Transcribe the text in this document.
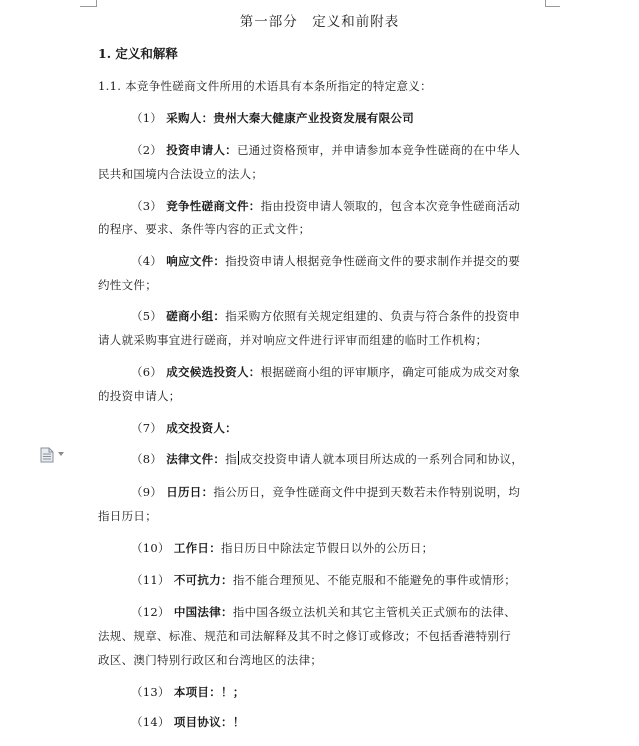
第一部分　定义和前附表
1. 定义和解释
1.1. 本竞争性磋商文件所用的术语具有本条所指定的特定意义：
（1） 采购人：贵州大秦大健康产业投资发展有限公司
（2） 投资申请人：已通过资格预审，并申请参加本竞争性磋商的在中华人
民共和国境内合法设立的法人；
（3） 竞争性磋商文件：指由投资申请人领取的，包含本次竞争性磋商活动
的程序、要求、条件等内容的正式文件；
（4） 响应文件：指投资申请人根据竞争性磋商文件的要求制作并提交的要
约性文件；
（5） 磋商小组：指采购方依照有关规定组建的、负责与符合条件的投资申
请人就采购事宜进行磋商，并对响应文件进行评审而组建的临时工作机构；
（6） 成交候选投资人：根据磋商小组的评审顺序，确定可能成为成交对象
的投资申请人；
（7） 成交投资人：
（8） 法律文件：指 成交投资申请人就本项目所达成的一系列合同和协议，
（9） 日历日：指公历日，竞争性磋商文件中提到天数若未作特别说明，均
指日历日；
（10） 工作日：指日历日中除法定节假日以外的公历日；
（11） 不可抗力：指不能合理预见、不能克服和不能避免的事件或情形；
（12） 中国法律：指中国各级立法机关和其它主管机关正式颁布的法律、
法规、规章、标准、规范和司法解释及其不时之修订或修改；不包括香港特别行
政区、澳门特别行政区和台湾地区的法律；
（13） 本项目：！；
（14） 项目协议：！
